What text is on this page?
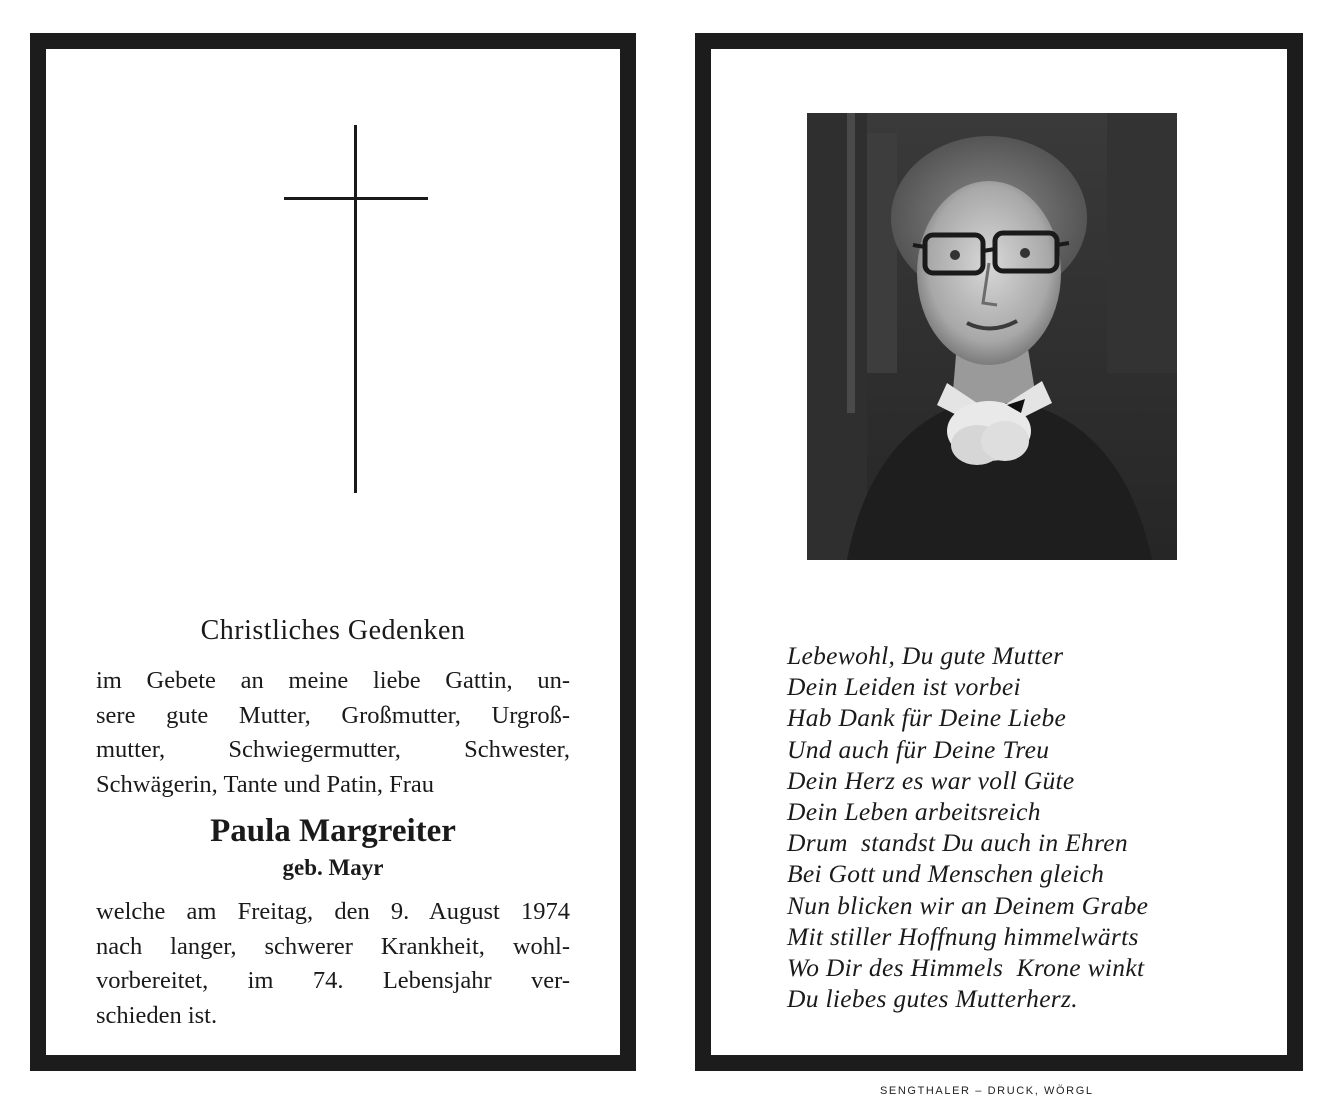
Christliches Gedenken
im Gebete an meine liebe Gattin, un-
sere gute Mutter, Großmutter, Urgroß-
mutter, Schwiegermutter, Schwester,
Schwägerin, Tante und Patin, Frau
Paula Margreiter
geb. Mayr
welche am Freitag, den 9. August 1974
nach langer, schwerer Krankheit, wohl-
vorbereitet, im 74. Lebensjahr ver-
schieden ist.
Lebewohl, Du gute Mutter
Dein Leiden ist vorbei
Hab Dank für Deine Liebe
Und auch für Deine Treu
Dein Herz es war voll Güte
Dein Leben arbeitsreich
Drum  standst Du auch in Ehren
Bei Gott und Menschen gleich
Nun blicken wir an Deinem Grabe
Mit stiller Hoffnung himmelwärts
Wo Dir des Himmels  Krone winkt
Du liebes gutes Mutterherz.
SENGTHALER – DRUCK, WÖRGL
